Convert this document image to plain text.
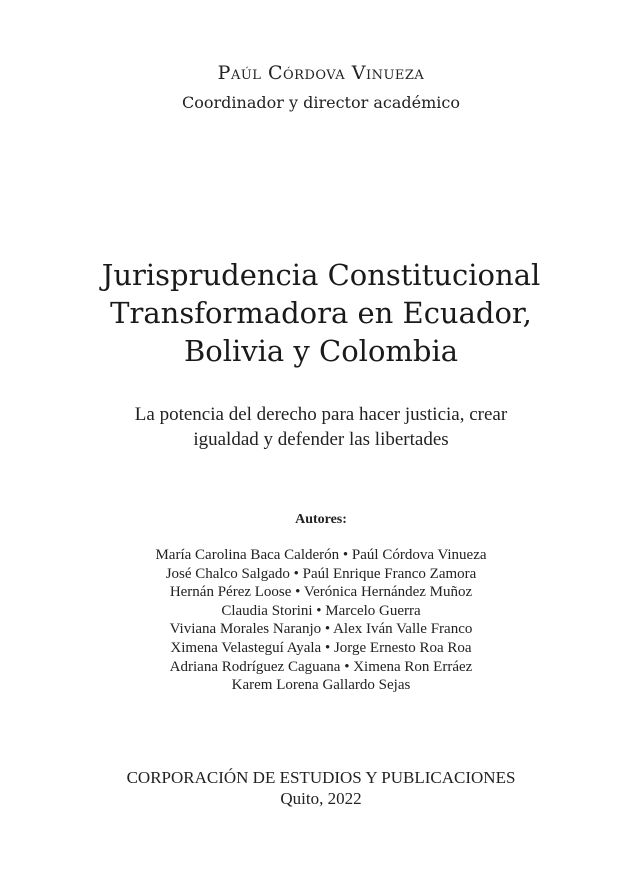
Paúl Córdova Vinueza
Coordinador y director académico
Jurisprudencia Constitucional
Transformadora en Ecuador,
Bolivia y Colombia
La potencia del derecho para hacer justicia, crear
igualdad y defender las libertades
Autores:
María Carolina Baca Calderón • Paúl Córdova Vinueza
José Chalco Salgado • Paúl Enrique Franco Zamora
Hernán Pérez Loose • Verónica Hernández Muñoz
Claudia Storini • Marcelo Guerra
Viviana Morales Naranjo • Alex Iván Valle Franco
Ximena Velasteguí Ayala • Jorge Ernesto Roa Roa
Adriana Rodríguez Caguana • Ximena Ron Erráez
Karem Lorena Gallardo Sejas
CORPORACIÓN DE ESTUDIOS Y PUBLICACIONES
Quito, 2022
